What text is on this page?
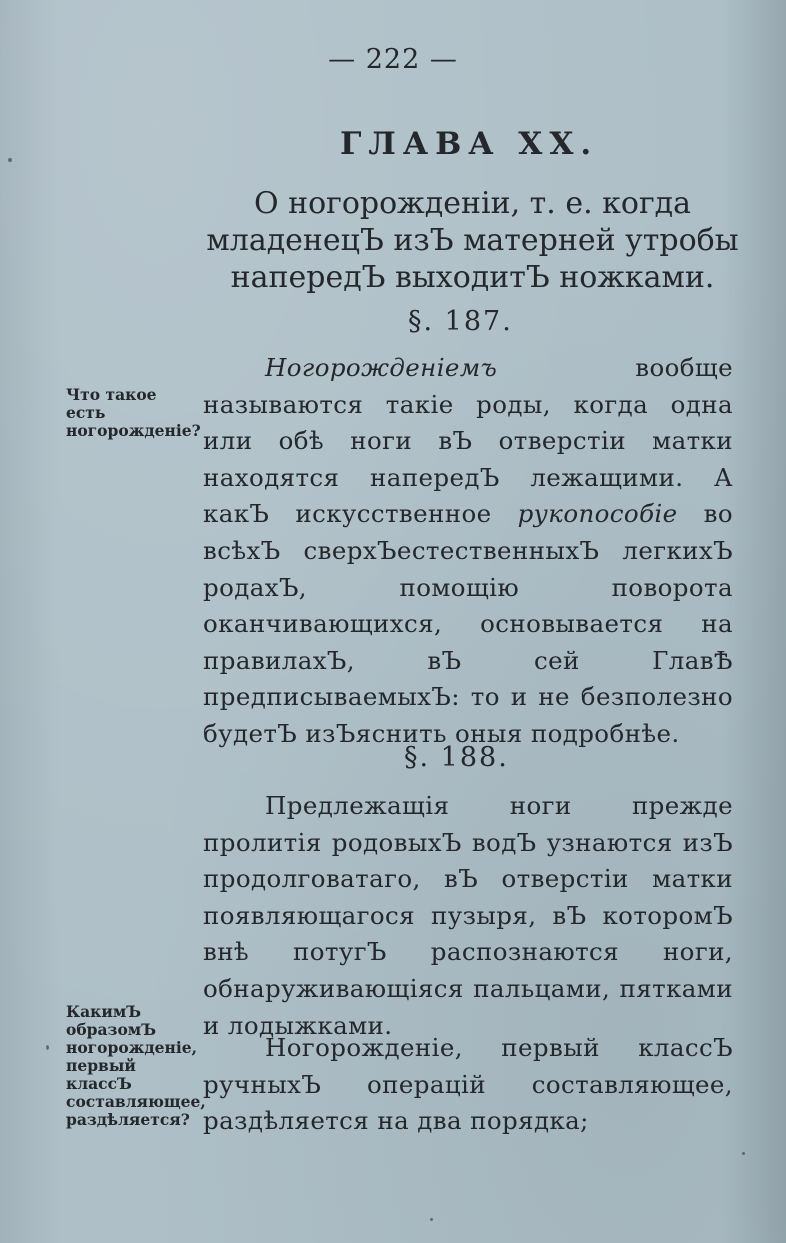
— 222 —
ГЛАВА XX.
О ногорожденіи, т. е. когда младенецЪ изЪ матерней утробы напередЪ выходитЪ ножками.
§. 187.

Что такое есть ногорожденіе?

Ногорожденiемъ вообще называются такіе роды, когда одна или обѣ ноги вЪ отверстіи матки находятся напередЪ лежащими. А какЪ искусственное рукопособіе во всѣхЪ сверхЪестественныхЪ легкихЪ родахЪ, помощію поворота оканчивающихся, основывается на правилахЪ, вЪ сей ГлавѢ предписываемыхЪ: то и не безполезно будетЪ изЪяснить оныя подробнѣе.

§. 188.

Предлежащія ноги прежде пролитія родовыхЪ водЪ узнаются изЪ продолговатаго, вЪ отверстіи матки появляющагося пузыря, вЪ которомЪ внѣ потугЪ распознаются ноги, обнаруживающіяся пальцами, пятками и лодыжками.

Ногорожденіе, первый классЪ ручныхЪ операцій составляющее, раздѣляется на два порядка;

КакимЪ образомЪ ногорожденіе, первый классЪ составляющее, раздѣляется?
